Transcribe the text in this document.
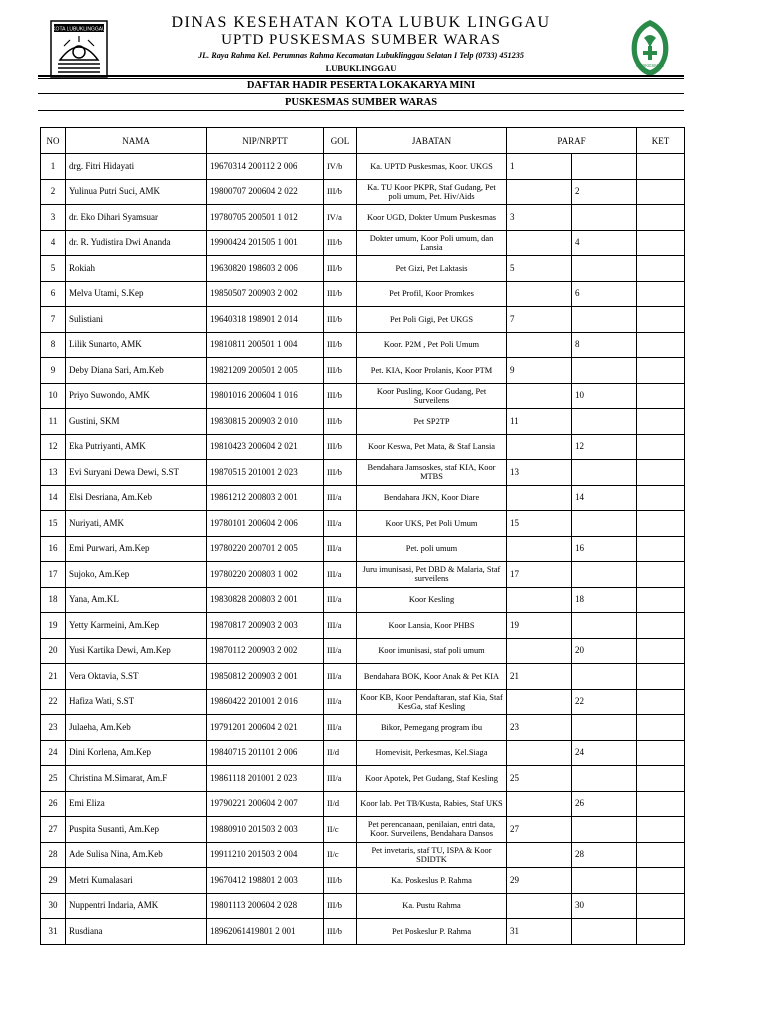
KOTA LUBUKLINGGAU	DINAS KESEHATAN KOTA LUBUK LINGGAU
UPTD PUSKESMAS SUMBER WARAS
JL. Raya Rahma Kel. Perumnas Rahma Kecamatan Lubuklinggau Selatan I Telp (0733) 451235
LUBUKLINGGAU	PUSKESMAS
DAFTAR HADIR PESERTA LOKAKARYA MINI
PUSKESMAS SUMBER WARAS
NO	NAMA	NIP/NRPTT	GOL	JABATAN	PARAF		KET
1	drg. Fitri Hidayati	19670314 200112 2 006	IV/b	Ka. UPTD Puskesmas, Koor. UKGS	1		
2	Yulinua Putri Suci, AMK	19800707 200604 2 022	III/b	Ka. TU Koor PKPR, Staf Gudang, Pet poli umum, Pet. Hiv/Aids		2	
3	dr. Eko Dihari Syamsuar	19780705 200501 1 012	IV/a	Koor UGD, Dokter Umum Puskesmas	3		
4	dr. R. Yudistira Dwi Ananda	19900424 201505 1 001	III/b	Dokter umum, Koor Poli umum, dan Lansia		4	
5	Rokiah	19630820 198603 2 006	III/b	Pet Gizi, Pet Laktasis	5		
6	Melva Utami, S.Kep	19850507 200903 2 002	III/b	Pet Profil, Koor Promkes		6	
7	Sulistiani	19640318 198901 2 014	III/b	Pet Poli Gigi, Pet UKGS	7		
8	Lilik Sunarto, AMK	19810811 200501 1 004	III/b	Koor. P2M , Pet Poli Umum		8	
9	Deby Diana Sari, Am.Keb	19821209 200501 2 005	III/b	Pet. KIA, Koor Prolanis, Koor PTM	9		
10	Priyo Suwondo, AMK	19801016 200604 1 016	III/b	Koor Pusling, Koor Gudang, Pet Surveilens		10	
11	Gustini, SKM	19830815 200903 2 010	III/b	Pet SP2TP	11		
12	Eka Putriyanti, AMK	19810423 200604 2 021	III/b	Koor Keswa, Pet Mata, & Staf Lansia		12	
13	Evi Suryani Dewa Dewi, S.ST	19870515 201001 2 023	III/b	Bendahara Jamsoskes, staf KIA, Koor MTBS	13		
14	Elsi Desriana, Am.Keb	19861212 200803 2 001	III/a	Bendahara JKN, Koor Diare		14	
15	Nuriyati, AMK	19780101 200604 2 006	III/a	Koor UKS, Pet Poli Umum	15		
16	Emi Purwari, Am.Kep	19780220 200701 2 005	III/a	Pet. poli umum		16	
17	Sujoko, Am.Kep	19780220 200803 1 002	III/a	Juru imunisasi, Pet DBD & Malaria, Staf surveilens	17		
18	Yana, Am.KL	19830828 200803 2 001	III/a	Koor Kesling		18	
19	Yetty Karmeini, Am.Kep	19870817 200903 2 003	III/a	Koor Lansia, Koor PHBS	19		
20	Yusi Kartika Dewi, Am.Kep	19870112 200903 2 002	III/a	Koor imunisasi, staf poli umum		20	
21	Vera Oktavia, S.ST	19850812 200903 2 001	III/a	Bendahara BOK, Koor Anak & Pet KIA	21		
22	Hafiza Wati, S.ST	19860422 201001 2 016	III/a	Koor KB, Koor Pendaftaran, staf Kia, Staf KesGa, staf Kesling		22	
23	Julaeha, Am.Keb	19791201 200604 2 021	III/a	Bikor, Pemegang program ibu	23		
24	Dini Korlena, Am.Kep	19840715 201101 2 006	II/d	Homevisit, Perkesmas, Kel.Siaga		24	
25	Christina M.Simarat, Am.F	19861118 201001 2 023	III/a	Koor Apotek, Pet Gudang, Staf Kesling	25		
26	Emi Eliza	19790221 200604 2 007	II/d	Koor lab. Pet TB/Kusta, Rabies, Staf UKS		26	
27	Puspita Susanti, Am.Kep	19880910 201503 2 003	II/c	Pet perencanaan, penilaian, entri data, Koor. Surveilens, Bendahara Dansos	27		
28	Ade Sulisa Nina, Am.Keb	19911210 201503 2 004	II/c	Pet invetaris, staf TU, ISPA & Koor SDIDTK		28	
29	Metri Kumalasari	19670412 198801 2 003	III/b	Ka. Poskeslus P. Rahma	29		
30	Nuppentri Indaria, AMK	19801113 200604 2 028	III/b	Ka. Pustu Rahma		30	
31	Rusdiana	18962061419801 2 001	III/b	Pet Poskeslur P. Rahma	31		
